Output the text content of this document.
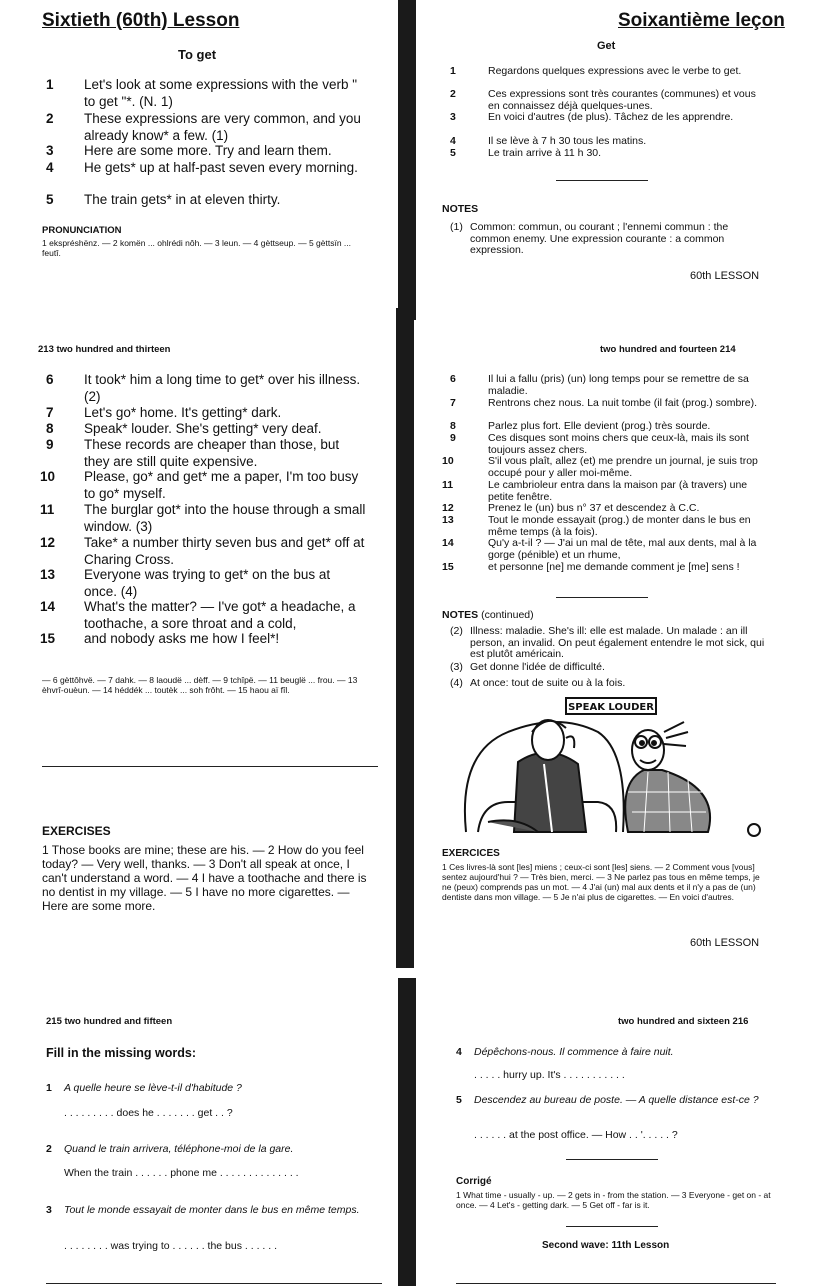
Sixtieth (60th) Lesson
To get
1 Let's look at some expressions with the verb " to get "*. (N. 1)
2 These expressions are very common, and you already know* a few. (1)
3 Here are some more. Try and learn them.
4 He gets* up at half-past seven every morning.
5 The train gets* in at eleven thirty.
PRONUNCIATION
1 ekspréshënz. — 2 komën ... ohlrédi nôh. — 3 leun. — 4 gèttseup. — 5 gèttsïn ... feutî.
213 two hundred and thirteen
Soixantième leçon
Get
1	Regardons quelques expressions avec le verbe to get.
2	Ces expressions sont très courantes (communes) et vous en connaissez déjà quelques-unes.
3	En voici d'autres (de plus). Tâchez de les apprendre.
4	Il se lève à 7 h 30 tous les matins.
5	Le train arrive à 11 h 30.
NOTES
(1) Common: commun, ou courant ; l'ennemi commun : the common enemy. Une expression courante : a common expression.
60th LESSON
two hundred and fourteen 214
6 It took* him a long time to get* over his illness. (2)
7 Let's go* home. It's getting* dark.
8 Speak* louder. She's getting* very deaf.
9 These records are cheaper than those, but they are still quite expensive.
10 Please, go* and get* me a paper, I'm too busy to go* myself.
11 The burglar got* into the house through a small window. (3)
12 Take* a number thirty seven bus and get* off at Charing Cross.
13 Everyone was trying to get* on the bus at once. (4)
14 What's the matter? — I've got* a headache, a toothache, a sore throat and a cold,
15 and nobody asks me how I feel*!
— 6 gèttôhvë. — 7 dahk. — 8 laoudë ... dèff. — 9 tchîpë. — 11 beuglë ... frou. — 13 èhvrî-ouèun. — 14 héddék ... toutèk ... soh frôht. — 15 haou aï fîl.
EXERCISES
1 Those books are mine; these are his. — 2 How do you feel today? — Very well, thanks. — 3 Don't all speak at once, I can't understand a word. — 4 I have a toothache and there is no dentist in my village. — 5 I have no more cigarettes. — Here are some more.
6	Il lui a fallu (pris) (un) long temps pour se remettre de sa maladie.
7	Rentrons chez nous. La nuit tombe (il fait (prog.) sombre).
8	Parlez plus fort. Elle devient (prog.) très sourde.
9	Ces disques sont moins chers que ceux-là, mais ils sont toujours assez chers.
10	S'il vous plaît, allez (et) me prendre un journal, je suis trop occupé pour y aller moi-même.
11	Le cambrioleur entra dans la maison par (à travers) une petite fenêtre.
12	Prenez le (un) bus n° 37 et descendez à C.C.
13	Tout le monde essayait (prog.) de monter dans le bus en même temps (à la fois).
14	Qu'y a-t-il ? — J'ai un mal de tête, mal aux dents, mal à la gorge (pénible) et un rhume,
15	et personne [ne] me demande comment je [me] sens !
NOTES (continued)
(2) Illness: maladie. She's ill: elle est malade. Un malade : an ill person, an invalid. On peut également entendre le mot sick, qui est plutôt américain.
(3) Get donne l'idée de difficulté.
(4) At once: tout de suite ou à la fois.
SPEAK LOUDER
EXERCICES
1 Ces livres-là sont [les] miens ; ceux-ci sont [les] siens. — 2 Comment vous [vous] sentez aujourd'hui ? — Très bien, merci. — 3 Ne parlez pas tous en même temps, je ne (peux) comprends pas un mot. — 4 J'ai (un) mal aux dents et il n'y a pas de (un) dentiste dans mon village. — 5 Je n'ai plus de cigarettes. — En voici d'autres.
60th LESSON
215 two hundred and fifteen
Fill in the missing words:
1 A quelle heure se lève-t-il d'habitude ?
. . . . . . . . . does he . . . . . . . get . . ?
2 Quand le train arrivera, téléphone-moi de la gare.
When the train . . . . . . phone me . . . . . . . . . . . . . .
3 Tout le monde essayait de monter dans le bus en même temps.
. . . . . . . . was trying to . . . . . . the bus . . . . . .
two hundred and sixteen 216
4 Dépêchons-nous. Il commence à faire nuit.
. . . . . hurry up. It's . . . . . . . . . . .
5 Descendez au bureau de poste. — A quelle distance est-ce ?
. . . . . . at the post office. — How . . '. . . . . ?
Corrigé
1 What time - usually - up. — 2 gets in - from the station. — 3 Everyone - get on - at once. — 4 Let's - getting dark. — 5 Get off - far is it.
Second wave: 11th Lesson
